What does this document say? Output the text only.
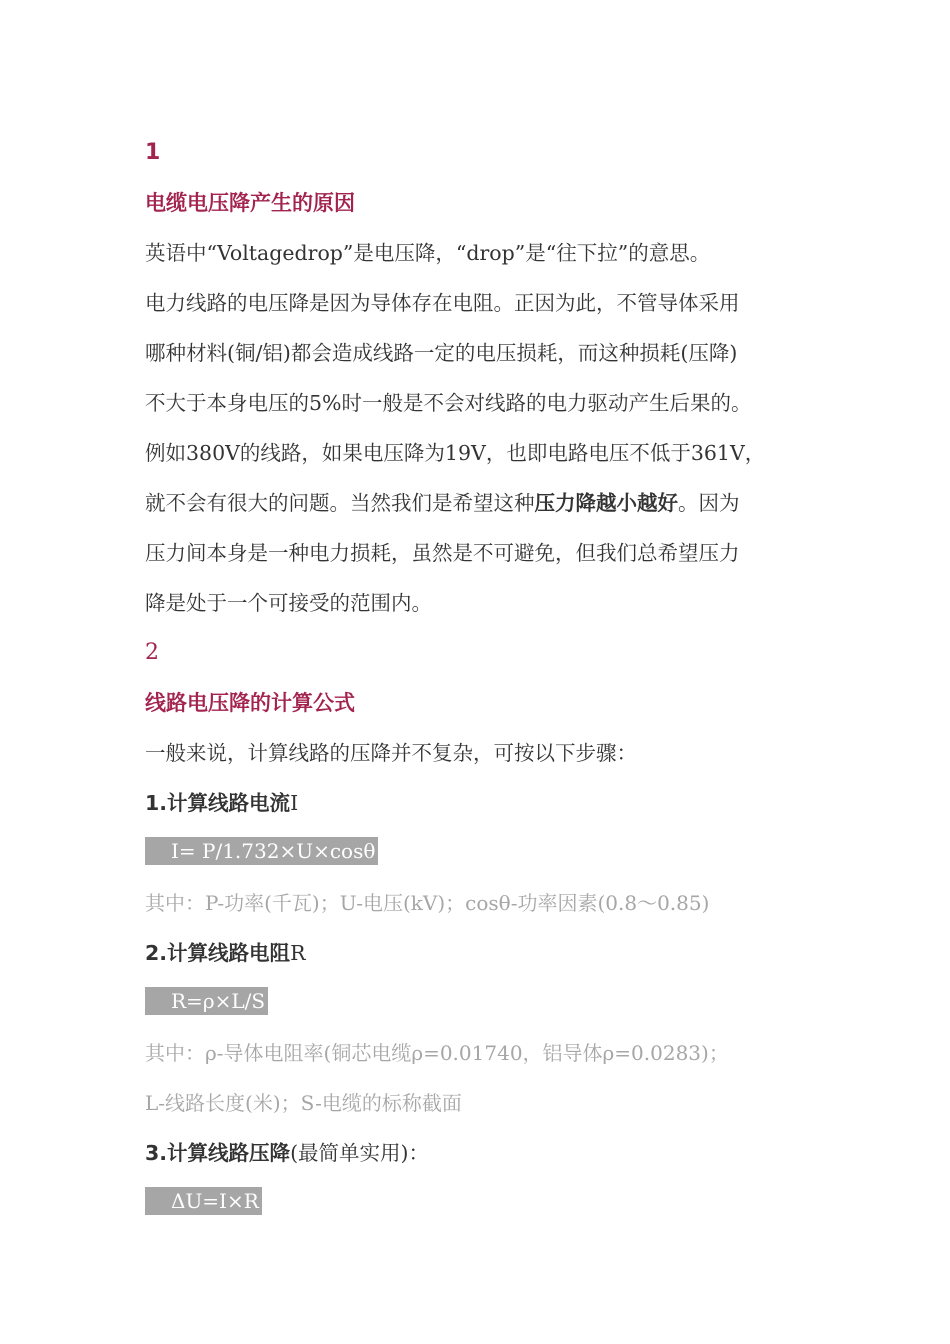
1

电缆电压降产生的原因

英语中“Voltagedrop”是电压降，“drop”是“往下拉”的意思。

电力线路的电压降是因为导体存在电阻。正因为此，不管导体采用

哪种材料(铜/铝)都会造成线路一定的电压损耗，而这种损耗(压降)

不大于本身电压的5%时一般是不会对线路的电力驱动产生后果的。

例如380V的线路，如果电压降为19V，也即电路电压不低于361V，

就不会有很大的问题。当然我们是希望这种压力降越小越好。因为

压力间本身是一种电力损耗，虽然是不可避免，但我们总希望压力

降是处于一个可接受的范围内。

2

线路电压降的计算公式

一般来说，计算线路的压降并不复杂，可按以下步骤：

1.计算线路电流I

I= P/1.732×U×cosθ

其中：P-功率(千瓦)；U-电压(kV)；cosθ-功率因素(0.8～0.85)

2.计算线路电阻R

R=ρ×L/S

其中：ρ-导体电阻率(铜芯电缆ρ=0.01740，铝导体ρ=0.0283)；

L-线路长度(米)；S-电缆的标称截面

3.计算线路压降(最简单实用)：

ΔU=I×R
